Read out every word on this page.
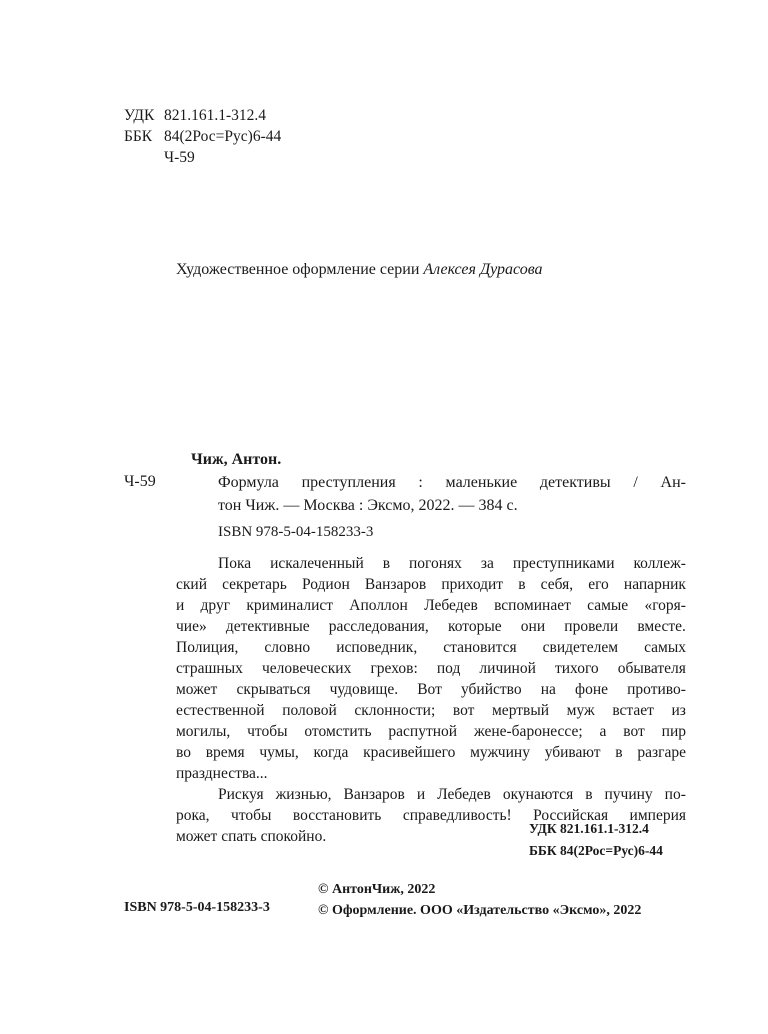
УДК 821.161.1-312.4
ББК 84(2Рос=Рус)6-44
Ч-59
Художественное оформление серии Алексея Дурасова
Чиж, Антон.
Ч-59	Формула преступления : маленькие детективы / Ан-
тон Чиж. — Москва : Эксмо, 2022. — 384 с.
ISBN 978-5-04-158233-3
Пока искалеченный в погонях за преступниками коллеж-
ский секретарь Родион Ванзаров приходит в себя, его напарник
и друг криминалист Аполлон Лебедев вспоминает самые «горя-
чие» детективные расследования, которые они провели вместе.
Полиция, словно исповедник, становится свидетелем самых
страшных человеческих грехов: под личиной тихого обывателя
может скрываться чудовище. Вот убийство на фоне противо-
естественной половой склонности; вот мертвый муж встает из
могилы, чтобы отомстить распутной жене-баронессе; а вот пир
во время чумы, когда красивейшего мужчину убивают в разгаре
празднества...
Рискуя жизнью, Ванзаров и Лебедев окунаются в пучину по-
рока, чтобы восстановить справедливость! Российская империя
может спать спокойно.	УДК 821.161.1-312.4
ББК 84(2Рос=Рус)6-44
© АнтонЧиж, 2022
© Оформление. ООО «Издательство «Эксмо», 2022
ISBN 978-5-04-158233-3
